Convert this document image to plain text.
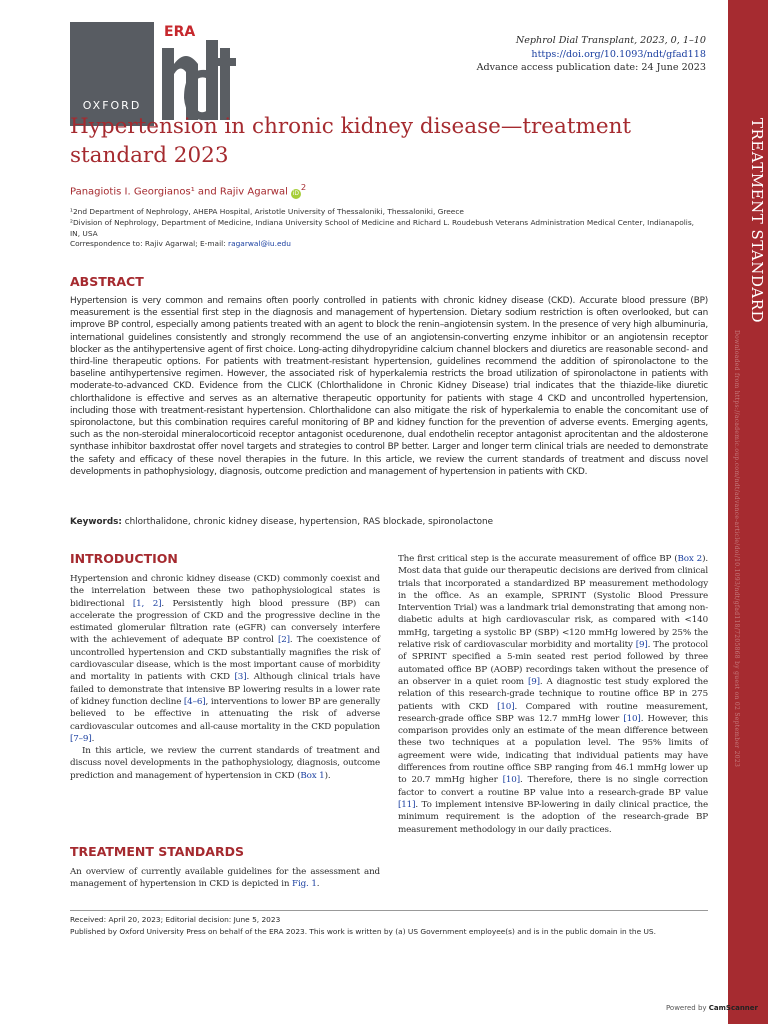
OXFORD
ERA
Nephrol Dial Transplant, 2023, 0, 1–10
https://doi.org/10.1093/ndt/gfad118
Advance access publication date: 24 June 2023
TREATMENT STANDARD
Downloaded from https://academic.oup.com/ndt/advance-article/doi/10.1093/ndt/gfad118/7205868 by guest on 02 September 2023
Hypertension in chronic kidney disease—treatment standard 2023
Panagiotis I. Georgianos¹ and Rajiv Agarwal $iD^2$
¹2nd Department of Nephrology, AHEPA Hospital, Aristotle University of Thessaloniki, Thessaloniki, Greece
²Division of Nephrology, Department of Medicine, Indiana University School of Medicine and Richard L. Roudebush Veterans Administration Medical Center, Indianapolis, IN, USA
Correspondence to: Rajiv Agarwal; E-mail: ragarwal@iu.edu
ABSTRACT
Hypertension is very common and remains often poorly controlled in patients with chronic kidney disease (CKD). Accurate blood pressure (BP) measurement is the essential first step in the diagnosis and management of hypertension. Dietary sodium restriction is often overlooked, but can improve BP control, especially among patients treated with an agent to block the renin–angiotensin system. In the presence of very high albuminuria, international guidelines consistently and strongly recommend the use of an angiotensin-converting enzyme inhibitor or an angiotensin receptor blocker as the antihypertensive agent of first choice. Long-acting dihydropyridine calcium channel blockers and diuretics are reasonable second- and third-line therapeutic options. For patients with treatment-resistant hypertension, guidelines recommend the addition of spironolactone to the baseline antihypertensive regimen. However, the associated risk of hyperkalemia restricts the broad utilization of spironolactone in patients with moderate-to-advanced CKD. Evidence from the CLICK (Chlorthalidone in Chronic Kidney Disease) trial indicates that the thiazide-like diuretic chlorthalidone is effective and serves as an alternative therapeutic opportunity for patients with stage 4 CKD and uncontrolled hypertension, including those with treatment-resistant hypertension. Chlorthalidone can also mitigate the risk of hyperkalemia to enable the concomitant use of spironolactone, but this combination requires careful monitoring of BP and kidney function for the prevention of adverse events. Emerging agents, such as the non-steroidal mineralocorticoid receptor antagonist ocedurenone, dual endothelin receptor antagonist aprocitentan and the aldosterone synthase inhibitor baxdrostat offer novel targets and strategies to control BP better. Larger and longer term clinical trials are needed to demonstrate the safety and efficacy of these novel therapies in the future. In this article, we review the current standards of treatment and discuss novel developments in pathophysiology, diagnosis, outcome prediction and management of hypertension in patients with CKD.
Keywords: chlorthalidone, chronic kidney disease, hypertension, RAS blockade, spironolactone
INTRODUCTION

Hypertension and chronic kidney disease (CKD) commonly coexist and the interrelation between these two pathophysiological states is bidirectional [1, 2]. Persistently high blood pressure (BP) can accelerate the progression of CKD and the progressive decline in the estimated glomerular filtration rate (eGFR) can conversely interfere with the achievement of adequate BP control [2]. The coexistence of uncontrolled hypertension and CKD substantially magnifies the risk of cardiovascular disease, which is the most important cause of morbidity and mortality in patients with CKD [3]. Although clinical trials have failed to demonstrate that intensive BP lowering results in a lower rate of kidney function decline [4–6], interventions to lower BP are generally believed to be effective in attenuating the risk of adverse cardiovascular outcomes and all-cause mortality in the CKD population [7–9].

In this article, we review the current standards of treatment and discuss novel developments in the pathophysiology, diagnosis, outcome prediction and management of hypertension in CKD (Box 1).

TREATMENT STANDARDS
An overview of currently available guidelines for the assessment and management of hypertension in CKD is depicted in Fig. 1.
The first critical step is the accurate measurement of office BP (Box 2). Most data that guide our therapeutic decisions are derived from clinical trials that incorporated a standardized BP measurement methodology in the office. As an example, SPRINT (Systolic Blood Pressure Intervention Trial) was a landmark trial demonstrating that among non-diabetic adults at high cardiovascular risk, as compared with <140 mmHg, targeting a systolic BP (SBP) <120 mmHg lowered by 25% the relative risk of cardiovascular morbidity and mortality [9]. The protocol of SPRINT specified a 5-min seated rest period followed by three automated office BP (AOBP) recordings taken without the presence of an observer in a quiet room [9]. A diagnostic test study explored the relation of this research-grade technique to routine office BP in 275 patients with CKD [10]. Compared with routine measurement, research-grade office SBP was 12.7 mmHg lower [10]. However, this comparison provides only an estimate of the mean difference between these two techniques at a population level. The 95% limits of agreement were wide, indicating that individual patients may have differences from routine office SBP ranging from 46.1 mmHg lower up to 20.7 mmHg higher [10]. Therefore, there is no single correction factor to convert a routine BP value into a research-grade BP value [11]. To implement intensive BP-lowering in daily clinical practice, the minimum requirement is the adoption of the research-grade BP measurement methodology in our daily practices.
Received: April 20, 2023; Editorial decision: June 5, 2023
Published by Oxford University Press on behalf of the ERA 2023. This work is written by (a) US Government employee(s) and is in the public domain in the US.
Powered by CamScanner
